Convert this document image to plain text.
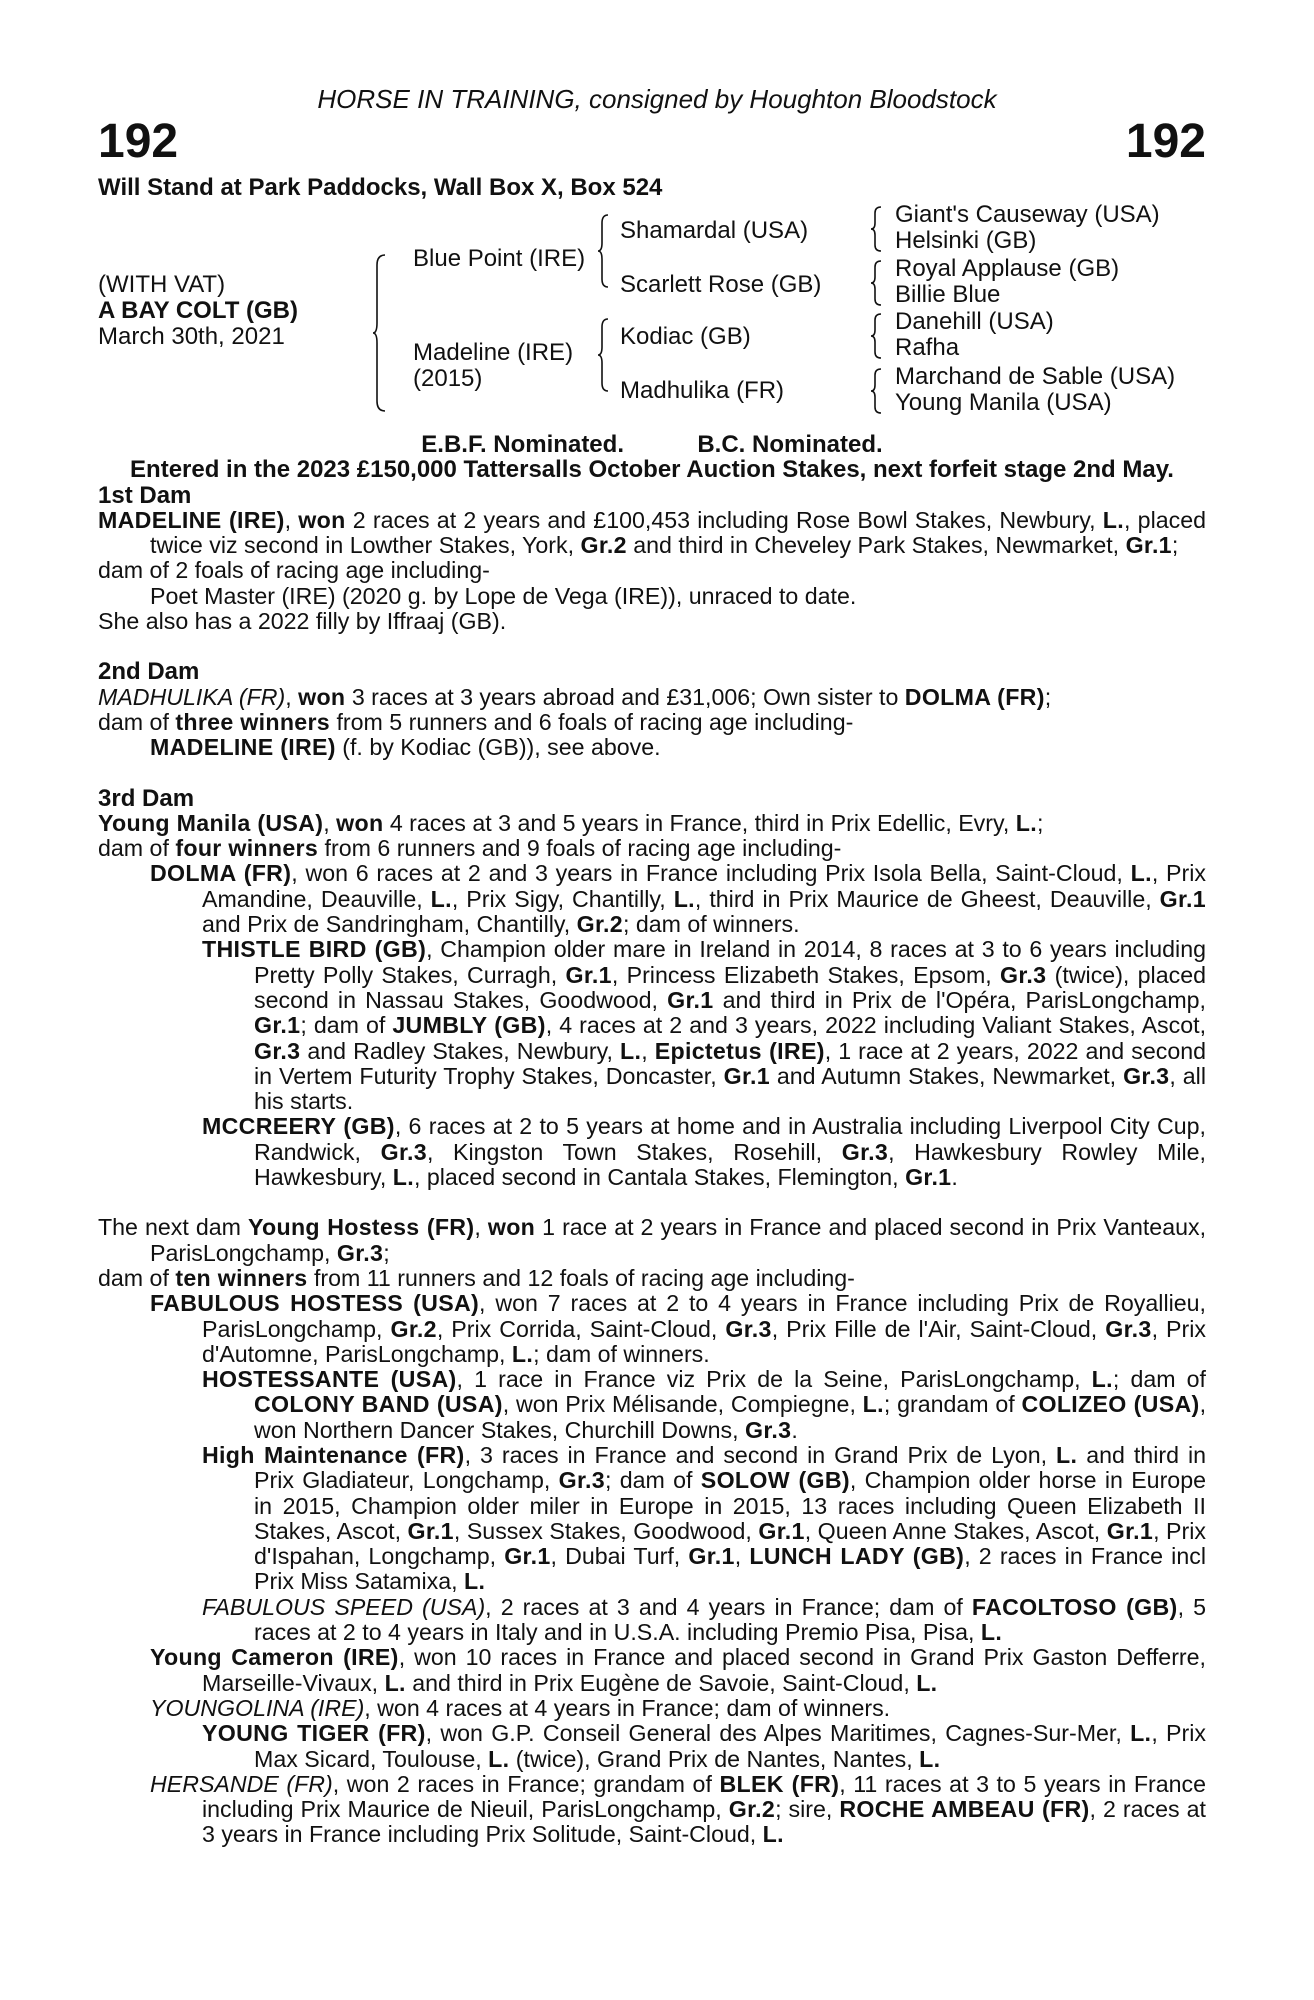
HORSE IN TRAINING, consigned by Houghton Bloodstock
192	192
Will Stand at Park Paddocks, Wall Box X, Box 524
(WITH VAT)
A BAY COLT (GB)
March 30th, 2021
Blue Point (IRE)
Madeline (IRE)
(2015)
Shamardal (USA)
Scarlett Rose (GB)
Kodiac (GB)
Madhulika (FR)
Giant's Causeway (USA)
Helsinki (GB)
Royal Applause (GB)
Billie Blue
Danehill (USA)
Rafha
Marchand de Sable (USA)
Young Manila (USA)
E.B.F. Nominated.	B.C. Nominated.
Entered in the 2023 £150,000 Tattersalls October Auction Stakes, next forfeit stage 2nd May.
1st Dam
MADELINE (IRE), won 2 races at 2 years and £100,453 including Rose Bowl Stakes, Newbury, L., placed twice viz second in Lowther Stakes, York, Gr.2 and third in Cheveley Park Stakes, Newmarket, Gr.1;
dam of 2 foals of racing age including-
Poet Master (IRE) (2020 g. by Lope de Vega (IRE)), unraced to date.
She also has a 2022 filly by Iffraaj (GB).
2nd Dam
MADHULIKA (FR), won 3 races at 3 years abroad and £31,006; Own sister to DOLMA (FR);
dam of three winners from 5 runners and 6 foals of racing age including-
MADELINE (IRE) (f. by Kodiac (GB)), see above.
3rd Dam
Young Manila (USA), won 4 races at 3 and 5 years in France, third in Prix Edellic, Evry, L.;
dam of four winners from 6 runners and 9 foals of racing age including-
DOLMA (FR), won 6 races at 2 and 3 years in France including Prix Isola Bella, Saint-Cloud, L., Prix Amandine, Deauville, L., Prix Sigy, Chantilly, L., third in Prix Maurice de Gheest, Deauville, Gr.1 and Prix de Sandringham, Chantilly, Gr.2; dam of winners.
THISTLE BIRD (GB), Champion older mare in Ireland in 2014, 8 races at 3 to 6 years including Pretty Polly Stakes, Curragh, Gr.1, Princess Elizabeth Stakes, Epsom, Gr.3 (twice), placed second in Nassau Stakes, Goodwood, Gr.1 and third in Prix de l'Opéra, ParisLongchamp, Gr.1; dam of JUMBLY (GB), 4 races at 2 and 3 years, 2022 including Valiant Stakes, Ascot, Gr.3 and Radley Stakes, Newbury, L., Epictetus (IRE), 1 race at 2 years, 2022 and second in Vertem Futurity Trophy Stakes, Doncaster, Gr.1 and Autumn Stakes, Newmarket, Gr.3, all his starts.
MCCREERY (GB), 6 races at 2 to 5 years at home and in Australia including Liverpool City Cup, Randwick, Gr.3, Kingston Town Stakes, Rosehill, Gr.3, Hawkesbury Rowley Mile, Hawkesbury, L., placed second in Cantala Stakes, Flemington, Gr.1.
The next dam Young Hostess (FR), won 1 race at 2 years in France and placed second in Prix Vanteaux, ParisLongchamp, Gr.3;
dam of ten winners from 11 runners and 12 foals of racing age including-
FABULOUS HOSTESS (USA), won 7 races at 2 to 4 years in France including Prix de Royallieu, ParisLongchamp, Gr.2, Prix Corrida, Saint-Cloud, Gr.3, Prix Fille de l'Air, Saint-Cloud, Gr.3, Prix d'Automne, ParisLongchamp, L.; dam of winners.
HOSTESSANTE (USA), 1 race in France viz Prix de la Seine, ParisLongchamp, L.; dam of COLONY BAND (USA), won Prix Mélisande, Compiegne, L.; grandam of COLIZEO (USA), won Northern Dancer Stakes, Churchill Downs, Gr.3.
High Maintenance (FR), 3 races in France and second in Grand Prix de Lyon, L. and third in Prix Gladiateur, Longchamp, Gr.3; dam of SOLOW (GB), Champion older horse in Europe in 2015, Champion older miler in Europe in 2015, 13 races including Queen Elizabeth II Stakes, Ascot, Gr.1, Sussex Stakes, Goodwood, Gr.1, Queen Anne Stakes, Ascot, Gr.1, Prix d'Ispahan, Longchamp, Gr.1, Dubai Turf, Gr.1, LUNCH LADY (GB), 2 races in France incl Prix Miss Satamixa, L.
FABULOUS SPEED (USA), 2 races at 3 and 4 years in France; dam of FACOLTOSO (GB), 5 races at 2 to 4 years in Italy and in U.S.A. including Premio Pisa, Pisa, L.
Young Cameron (IRE), won 10 races in France and placed second in Grand Prix Gaston Defferre, Marseille-Vivaux, L. and third in Prix Eugène de Savoie, Saint-Cloud, L.
YOUNGOLINA (IRE), won 4 races at 4 years in France; dam of winners.
YOUNG TIGER (FR), won G.P. Conseil General des Alpes Maritimes, Cagnes-Sur-Mer, L., Prix Max Sicard, Toulouse, L. (twice), Grand Prix de Nantes, Nantes, L.
HERSANDE (FR), won 2 races in France; grandam of BLEK (FR), 11 races at 3 to 5 years in France including Prix Maurice de Nieuil, ParisLongchamp, Gr.2; sire, ROCHE AMBEAU (FR), 2 races at 3 years in France including Prix Solitude, Saint-Cloud, L.
